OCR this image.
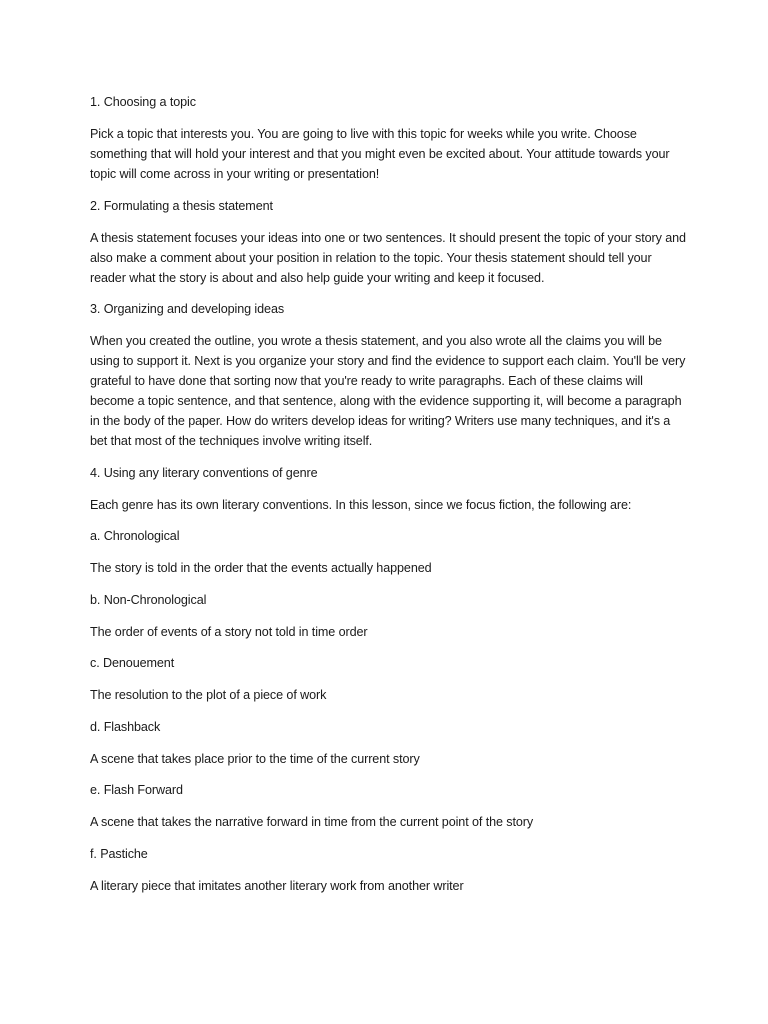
1. Choosing a topic

Pick a topic that interests you. You are going to live with this topic for weeks while you write. Choose something that will hold your interest and that you might even be excited about. Your attitude towards your topic will come across in your writing or presentation!

2. Formulating a thesis statement

A thesis statement focuses your ideas into one or two sentences. It should present the topic of your story and also make a comment about your position in relation to the topic. Your thesis statement should tell your reader what the story is about and also help guide your writing and keep it focused.

3. Organizing and developing ideas

When you created the outline, you wrote a thesis statement, and you also wrote all the claims you will be using to support it. Next is you organize your story and find the evidence to support each claim. You'll be very grateful to have done that sorting now that you're ready to write paragraphs. Each of these claims will become a topic sentence, and that sentence, along with the evidence supporting it, will become a paragraph in the body of the paper. How do writers develop ideas for writing? Writers use many techniques, and it's a bet that most of the techniques involve writing itself.

4. Using any literary conventions of genre

Each genre has its own literary conventions. In this lesson, since we focus fiction, the following are:

a. Chronological

The story is told in the order that the events actually happened

b. Non-Chronological

The order of events of a story not told in time order

c. Denouement

The resolution to the plot of a piece of work

d. Flashback

A scene that takes place prior to the time of the current story

e. Flash Forward

A scene that takes the narrative forward in time from the current point of the story

f. Pastiche

A literary piece that imitates another literary work from another writer
